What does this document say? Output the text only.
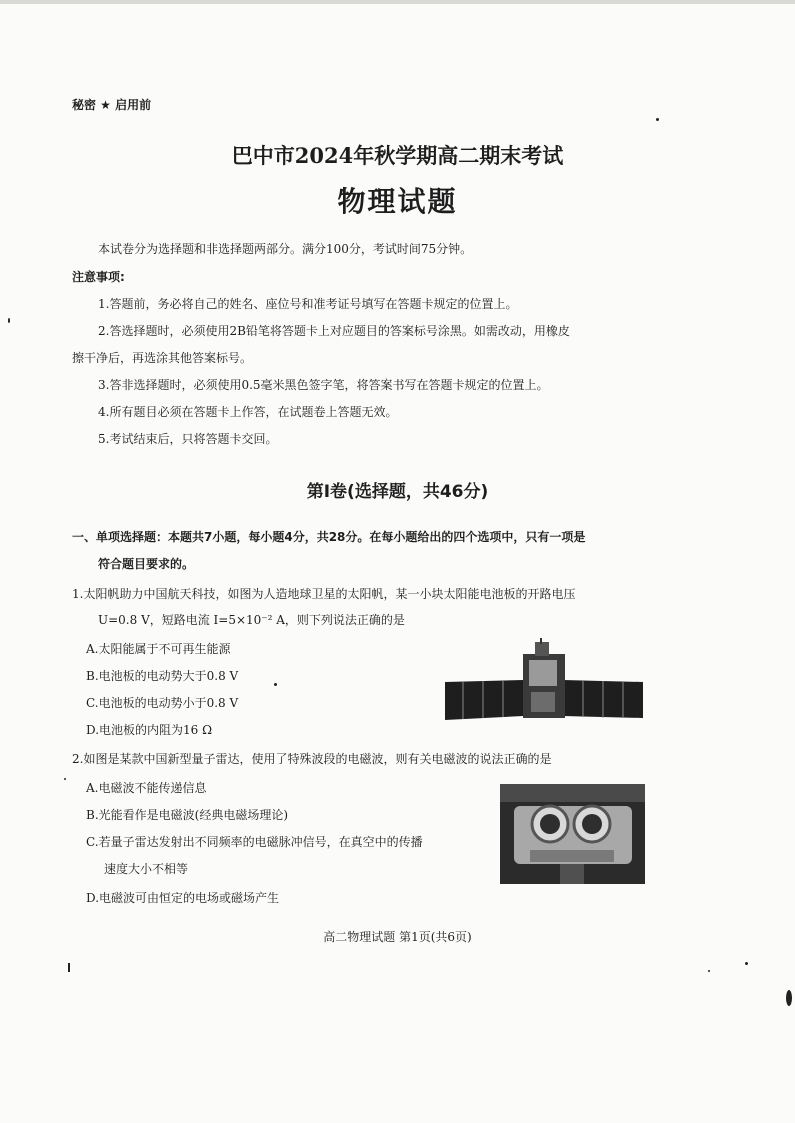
秘密 ★ 启用前
巴中市2024年秋学期高二期末考试
物理试题
本试卷分为选择题和非选择题两部分。满分100分，考试时间75分钟。
注意事项:
1.答题前，务必将自己的姓名、座位号和准考证号填写在答题卡规定的位置上。
2.答选择题时，必须使用2B铅笔将答题卡上对应题目的答案标号涂黑。如需改动，用橡皮
擦干净后，再选涂其他答案标号。
3.答非选择题时，必须使用0.5毫米黑色签字笔，将答案书写在答题卡规定的位置上。
4.所有题目必须在答题卡上作答，在试题卷上答题无效。
5.考试结束后，只将答题卡交回。
第Ⅰ卷(选择题，共46分)
一、单项选择题：本题共7小题，每小题4分，共28分。在每小题给出的四个选项中，只有一项是
符合题目要求的。
1.太阳帆助力中国航天科技，如图为人造地球卫星的太阳帆，某一小块太阳能电池板的开路电压
U=0.8 V，短路电流 I=5×10⁻² A，则下列说法正确的是
A.太阳能属于不可再生能源
B.电池板的电动势大于0.8 V
C.电池板的电动势小于0.8 V
D.电池板的内阻为16 Ω
2.如图是某款中国新型量子雷达，使用了特殊波段的电磁波，则有关电磁波的说法正确的是
A.电磁波不能传递信息
B.光能看作是电磁波(经典电磁场理论)
C.若量子雷达发射出不同频率的电磁脉冲信号，在真空中的传播
速度大小不相等
D.电磁波可由恒定的电场或磁场产生
高二物理试题 第1页(共6页)
